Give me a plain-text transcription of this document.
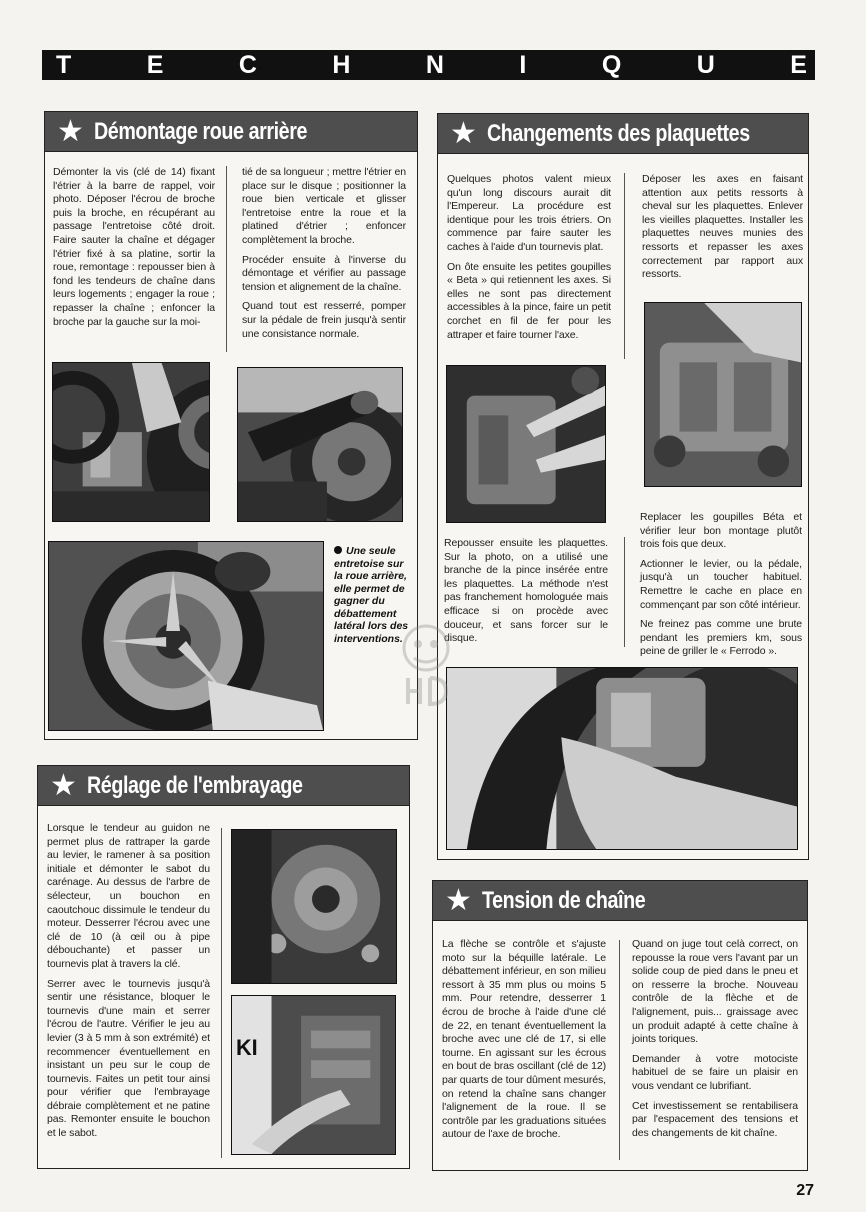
T	E	C	H	N	I	Q	U	E
★ Démontage roue arrière
Démonter la vis (clé de 14) fixant l'étrier à la barre de rappel, voir photo. Déposer l'écrou de broche puis la broche, en récupérant au passage l'entretoise côté droit. Faire sauter la chaîne et dégager l'étrier fixé à sa platine, sortir la roue, remontage : repousser bien à fond les tendeurs de chaîne dans leurs logements ; engager la roue ; repasser la chaîne ; enfoncer la broche par la gauche sur la moi-

tié de sa longueur ; mettre l'étrier en place sur le disque ; positionner la roue bien verticale et glisser l'entretoise entre la roue et la platined d'étrier ; enfoncer complètement la broche.

Procéder ensuite à l'inverse du démontage et vérifier au passage tension et alignement de la chaîne.

Quand tout est resserré, pomper sur la pédale de frein jusqu'à sentir une consistance normale.

Une seule entretoise sur la roue arrière, elle permet de gagner du débattement latéral lors des interventions.
★ Changements des plaquettes

Quelques photos valent mieux qu'un long discours aurait dit l'Empereur. La procédure est identique pour les trois étriers. On commence par faire sauter les caches à l'aide d'un tournevis plat.

On ôte ensuite les petites goupilles « Beta » qui retiennent les axes. Si elles ne sont pas directement accessibles à la pince, faire un petit corchet en fil de fer pour les attraper et faire tourner l'axe.

Déposer les axes en faisant attention aux petits ressorts à cheval sur les plaquettes. Enlever les vieilles plaquettes. Installer les plaquettes neuves munies des ressorts et repasser les axes correctement par rapport aux ressorts.
Repousser ensuite les plaquettes. Sur la photo, on a utilisé une branche de la pince insérée entre les plaquettes. La méthode n'est pas franchement homologuée mais efficace si on procède avec douceur, et sans forcer sur le disque.

Replacer les goupilles Béta et vérifier leur bon montage plutôt trois fois que deux.

Actionner le levier, ou la pédale, jusqu'à un toucher habituel. Remettre le cache en place en commençant par son côté intérieur.

Ne freinez pas comme une brute pendant les premiers km, sous peine de griller le « Ferrodo ».

★ Réglage de l'embrayage

Lorsque le tendeur au guidon ne permet plus de rattraper la garde au levier, le ramener à sa position initiale et démonter le sabot du carénage. Au dessus de l'arbre de sélecteur, un bouchon en caoutchouc dissimule le tendeur du moteur. Desserrer l'écrou avec une clé de 10 (à œil ou à pipe débouchante) et passer un tournevis plat à travers la clé.

Serrer avec le tournevis jusqu'à sentir une résistance, bloquer le tournevis d'une main et serrer l'écrou de l'autre. Vérifier le jeu au levier (3 à 5 mm à son extrémité) et recommencer éventuellement en insistant un peu sur le coup de tournevis. Faites un petit tour ainsi pour vérifier que l'embrayage débraie complètement et ne patine pas. Remonter ensuite le bouchon et le sabot.

KI
★ Tension de chaîne
La flèche se contrôle et s'ajuste moto sur la béquille latérale. Le débattement inférieur, en son milieu ressort à 35 mm plus ou moins 5 mm. Pour retendre, desserrer 1 écrou de broche à l'aide d'une clé de 22, en tenant éventuellement la broche avec une clé de 17, si elle tourne. En agissant sur les écrous en bout de bras oscillant (clé de 12) par quarts de tour dûment mesurés, on retend la chaîne sans changer l'alignement de la roue. Il se contrôle par les graduations situées autour de l'axe de broche.

Quand on juge tout celà correct, on repousse la roue vers l'avant par un solide coup de pied dans le pneu et on resserre la broche. Nouveau contrôle de la flèche et de l'alignement, puis... graissage avec un produit adapté à cette chaîne à joints toriques.

Demander à votre motociste habituel de se faire un plaisir en vous vendant ce lubrifiant.

Cet investissement se rentabilisera par l'espacement des tensions et des changements de kit chaîne.

27
